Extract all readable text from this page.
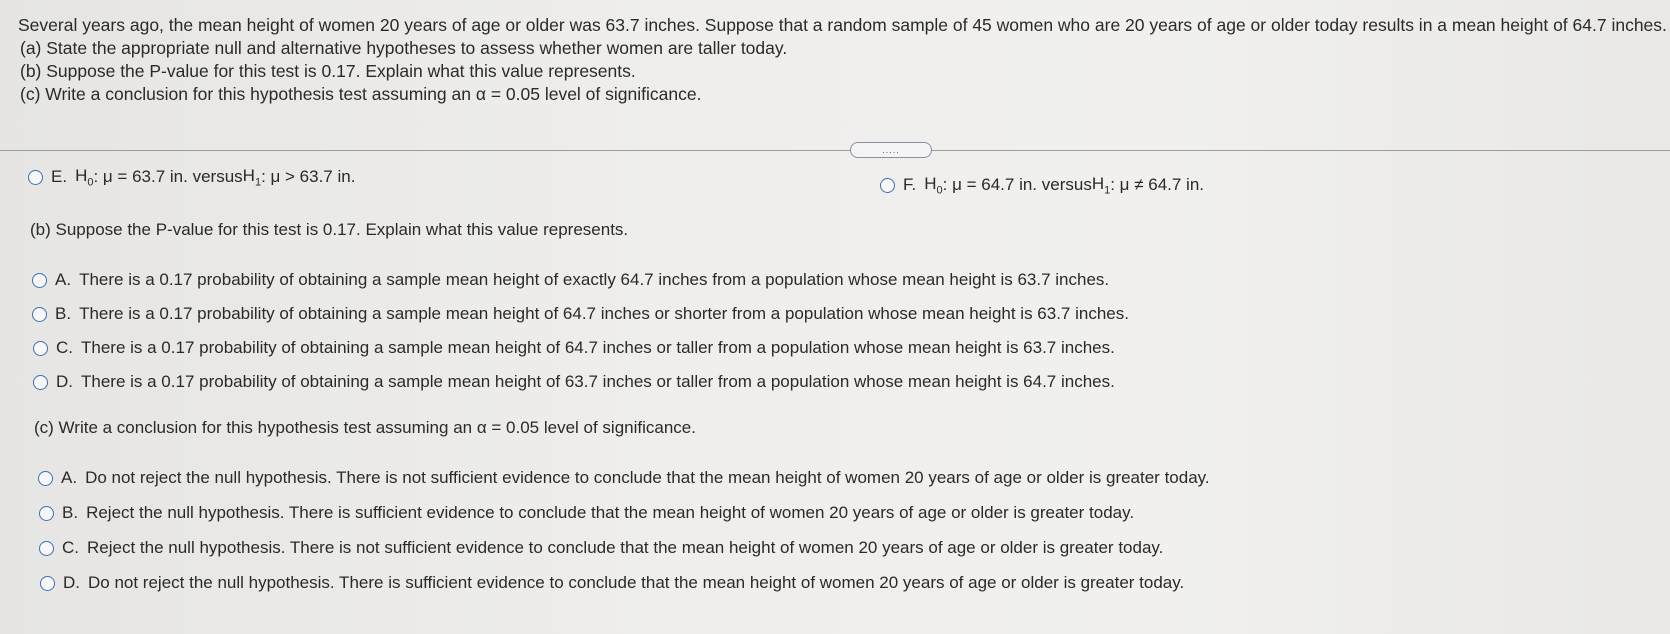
Several years ago, the mean height of women 20 years of age or older was 63.7 inches. Suppose that a random sample of 45 women who are 20 years of age or older today results in a mean height of 64.7 inches.
(a) State the appropriate null and alternative hypotheses to assess whether women are taller today.
(b) Suppose the P-value for this test is 0.17. Explain what this value represents.
(c) Write a conclusion for this hypothesis test assuming an α = 0.05 level of significance.
.....
E. $H_0$ : μ = 63.7 in. versus $H_1$ : μ > 63.7 in.	F. $H_0$ : μ = 64.7 in. versus $H_1$ : μ ≠ 64.7 in.
(b) Suppose the P-value for this test is 0.17. Explain what this value represents.
A. There is a 0.17 probability of obtaining a sample mean height of exactly 64.7 inches from a population whose mean height is 63.7 inches.
B. There is a 0.17 probability of obtaining a sample mean height of 64.7 inches or shorter from a population whose mean height is 63.7 inches.
C. There is a 0.17 probability of obtaining a sample mean height of 64.7 inches or taller from a population whose mean height is 63.7 inches.
D. There is a 0.17 probability of obtaining a sample mean height of 63.7 inches or taller from a population whose mean height is 64.7 inches.
(c) Write a conclusion for this hypothesis test assuming an α = 0.05 level of significance.
A. Do not reject the null hypothesis. There is not sufficient evidence to conclude that the mean height of women 20 years of age or older is greater today.
B. Reject the null hypothesis. There is sufficient evidence to conclude that the mean height of women 20 years of age or older is greater today.
C. Reject the null hypothesis. There is not sufficient evidence to conclude that the mean height of women 20 years of age or older is greater today.
D. Do not reject the null hypothesis. There is sufficient evidence to conclude that the mean height of women 20 years of age or older is greater today.
